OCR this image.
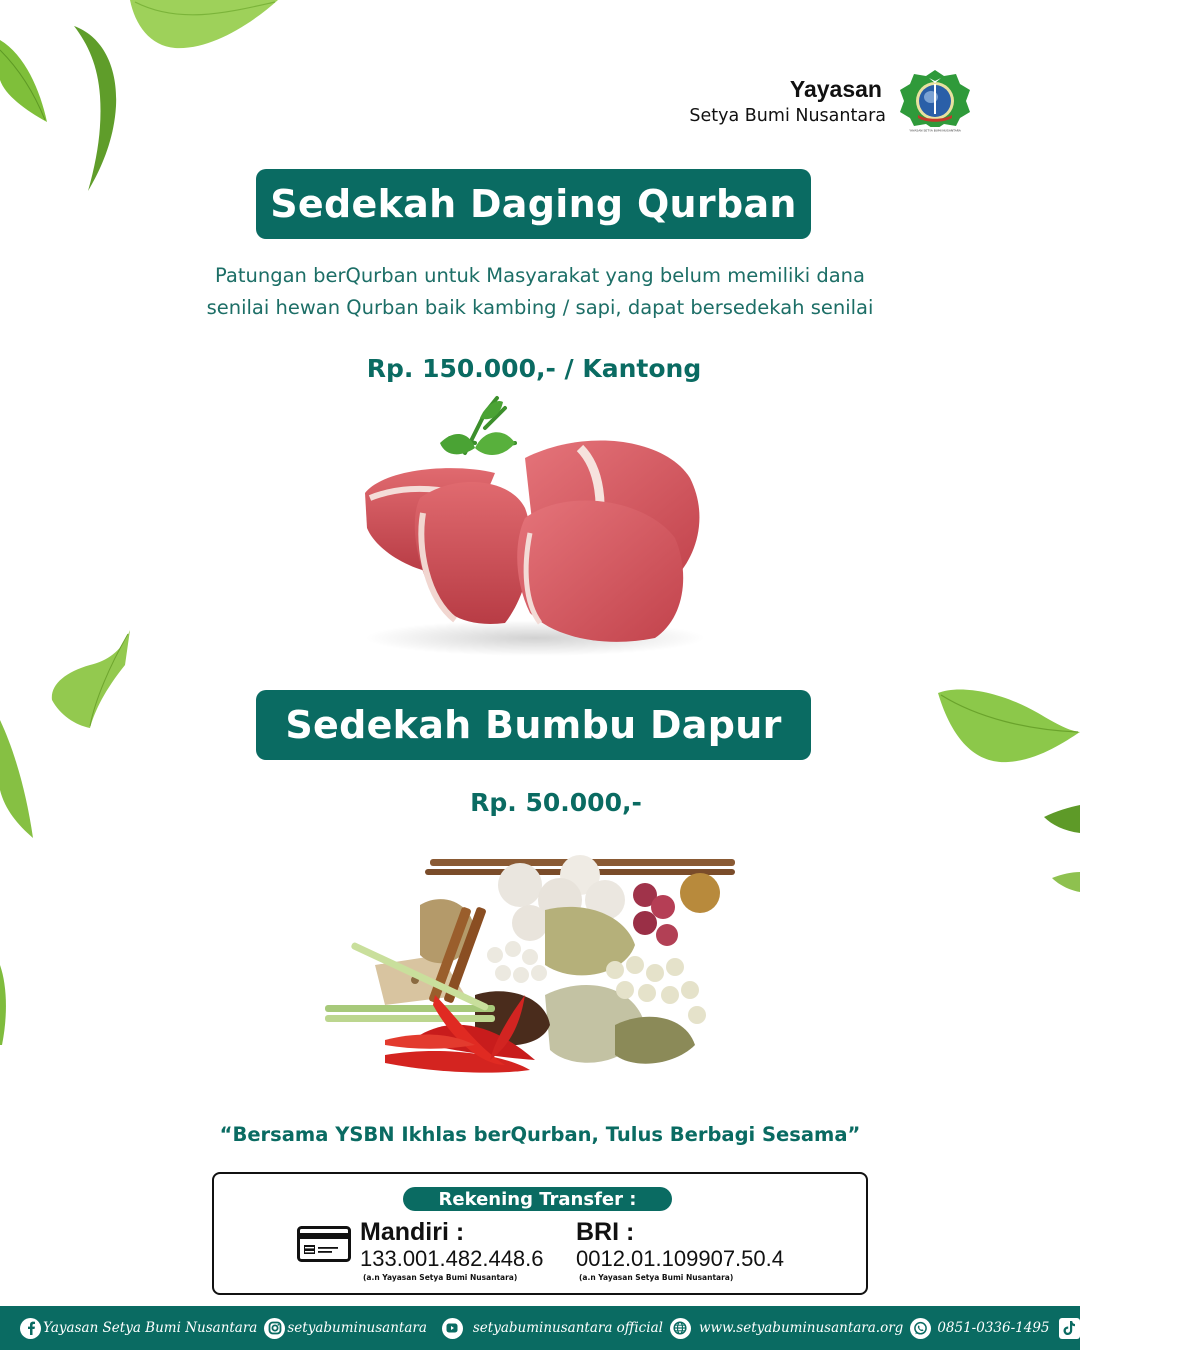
Yayasan
Setya Bumi Nusantara
YAYASAN SETYA BUMI NUSANTARA
Sedekah Daging Qurban
Patungan berQurban untuk Masyarakat yang belum memiliki dana
senilai hewan Qurban baik kambing / sapi, dapat bersedekah senilai
Rp. 150.000,- / Kantong
Sedekah Bumbu Dapur
Rp. 50.000,-
“Bersama YSBN Ikhlas berQurban, Tulus Berbagi Sesama”
Rekening Transfer :
Mandiri :
133.001.482.448.6
(a.n Yayasan Setya Bumi Nusantara)
BRI :
0012.01.109907.50.4
(a.n Yayasan Setya Bumi Nusantara)
Yayasan Setya Bumi Nusantara setyabuminusantara	setyabuminusantara official	www.setyabuminusantara.org	0851-0336-1495	@ysbn_official
